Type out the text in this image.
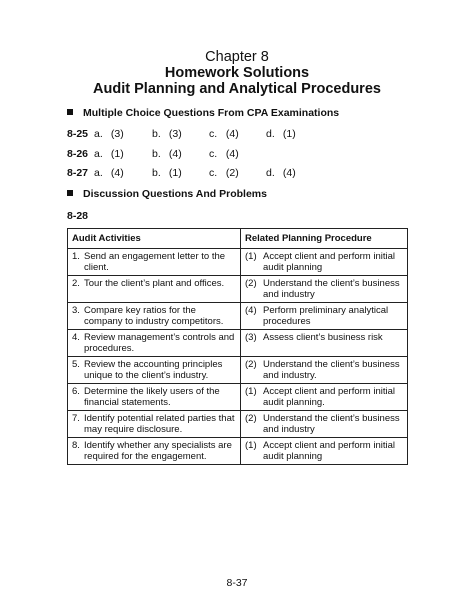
Chapter 8
Homework Solutions
Audit Planning and Analytical Procedures
Multiple Choice Questions From CPA Examinations
8-25 a. (3)	b. (3)	c. (4)	d. (1)
8-26 a. (1)	b. (4)	c. (4)
8-27 a. (4)	b. (1)	c. (2)	d. (4)
Discussion Questions And Problems
8-28
Audit Activities	Related Planning Procedure

1. Send an engagement letter to the client.	(1) Accept client and perform initial audit planning

2. Tour the client’s plant and offices.	(2) Understand the client’s business and industry

3. Compare key ratios for the company to industry competitors.	(4) Perform preliminary analytical procedures

4. Review management’s controls and procedures.	(3) Assess client’s business risk

5. Review the accounting principles unique to the client’s industry.	(2) Understand the client’s business and industry.

6. Determine the likely users of the financial statements.	(1) Accept client and perform initial audit planning.

7. Identify potential related parties that may require disclosure.	(2) Understand the client’s business and industry

8. Identify whether any specialists are required for the engagement.	(1) Accept client and perform initial audit planning
8-37
